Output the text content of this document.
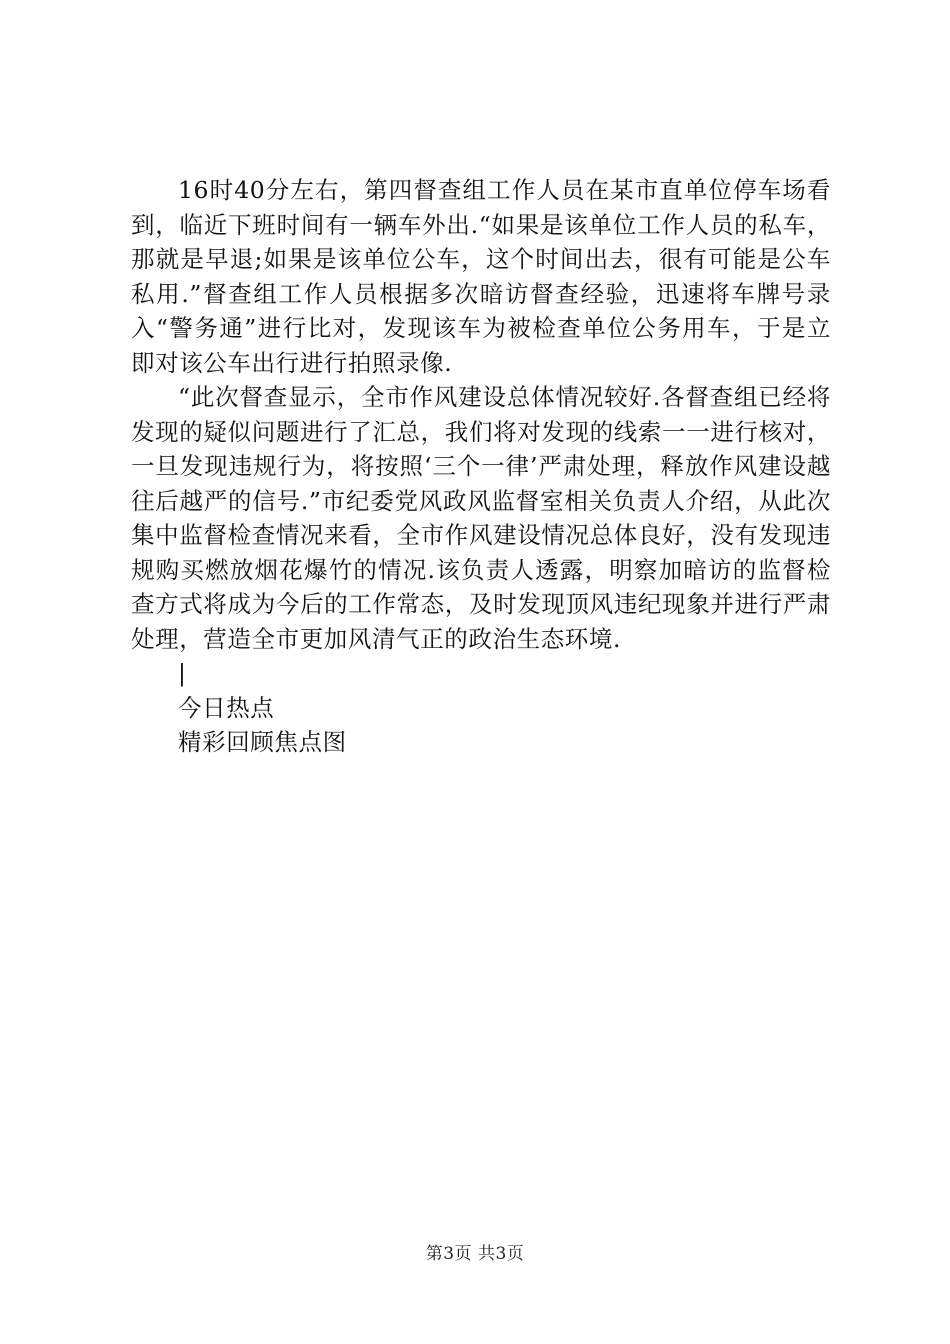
16时40分左右，第四督查组工作人员在某市直单位停车场看到，临近下班时间有一辆车外出.“如果是该单位工作人员的私车，那就是早退;如果是该单位公车，这个时间出去，很有可能是公车私用.”督查组工作人员根据多次暗访督查经验，迅速将车牌号录入“警务通”进行比对，发现该车为被检查单位公务用车，于是立即对该公车出行进行拍照录像.

“此次督查显示，全市作风建设总体情况较好.各督查组已经将发现的疑似问题进行了汇总，我们将对发现的线索一一进行核对，一旦发现违规行为，将按照‘三个一律’严肃处理，释放作风建设越往后越严的信号.”市纪委党风政风监督室相关负责人介绍，从此次集中监督检查情况来看，全市作风建设情况总体良好，没有发现违规购买燃放烟花爆竹的情况.该负责人透露，明察加暗访的监督检查方式将成为今后的工作常态，及时发现顶风违纪现象并进行严肃处理，营造全市更加风清气正的政治生态环境.

|

今日热点

精彩回顾焦点图

第3页 共3页
